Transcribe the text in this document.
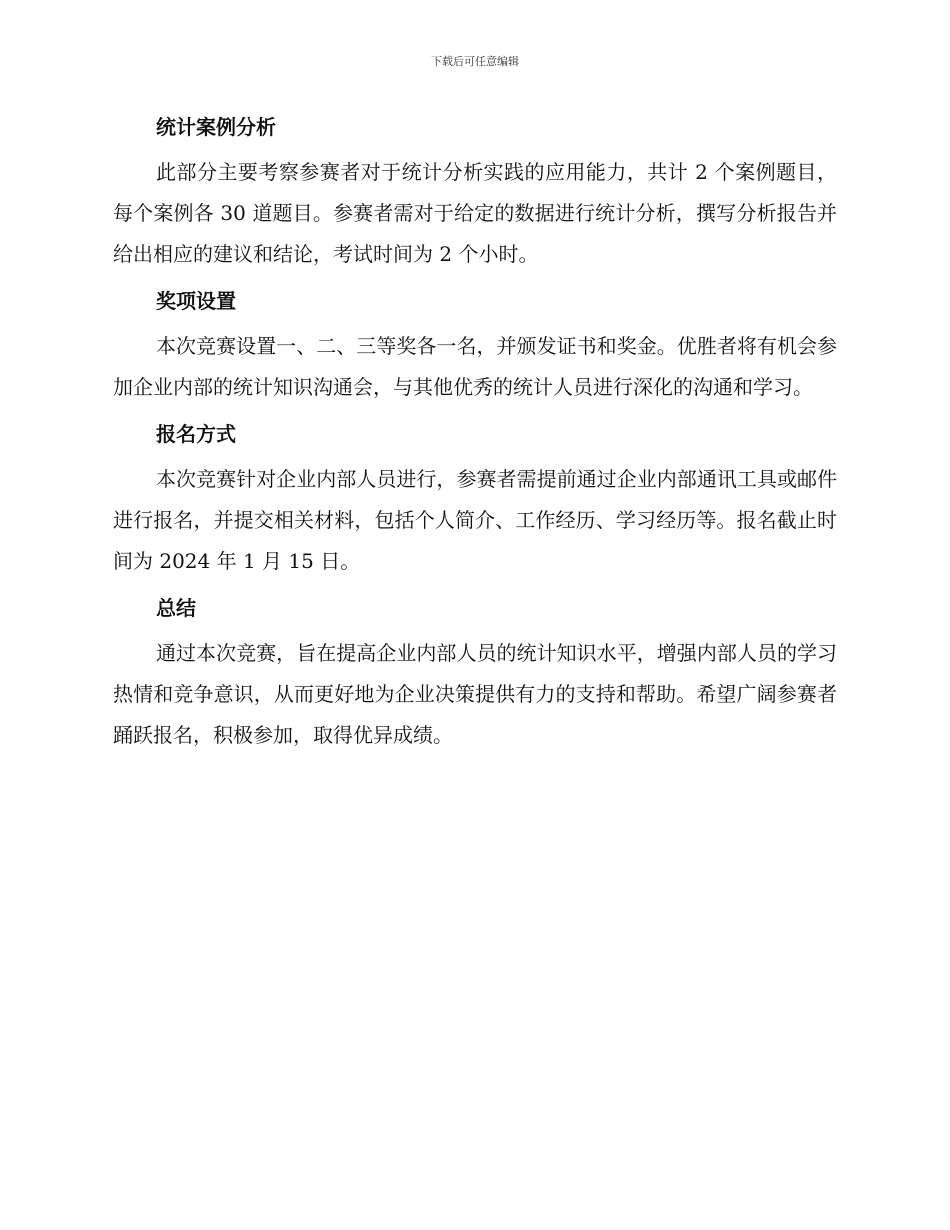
下载后可任意编辑
统计案例分析

此部分主要考察参赛者对于统计分析实践的应用能力，共计 2 个案例题目，每个案例各 30 道题目。参赛者需对于给定的数据进行统计分析，撰写分析报告并给出相应的建议和结论，考试时间为 2 个小时。

奖项设置

本次竞赛设置一、二、三等奖各一名，并颁发证书和奖金。优胜者将有机会参加企业内部的统计知识沟通会，与其他优秀的统计人员进行深化的沟通和学习。

报名方式

本次竞赛针对企业内部人员进行，参赛者需提前通过企业内部通讯工具或邮件进行报名，并提交相关材料，包括个人简介、工作经历、学习经历等。报名截止时间为 2024 年 1 月 15 日。

总结

通过本次竞赛，旨在提高企业内部人员的统计知识水平，增强内部人员的学习热情和竞争意识，从而更好地为企业决策提供有力的支持和帮助。希望广阔参赛者踊跃报名，积极参加，取得优异成绩。
